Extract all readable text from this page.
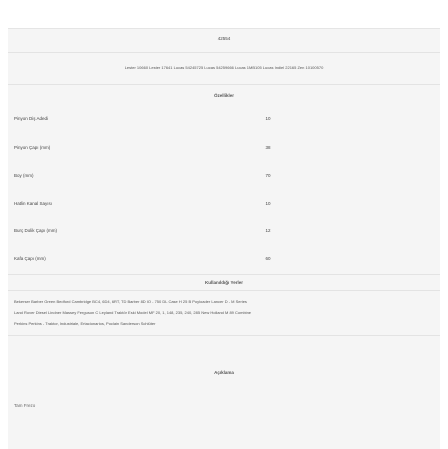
42554
Lester 10660 Lester 17641 Lucas 54245725 Lucas 54259666 Lucas 1MB105 Lucas Indiel 22165 Zen 10100570
Özellikler
Pinyon Diş Adedi	10
Pinyon Çapı (mm)	38
Boy (mm)	70
Hatlin Kanal Sayısı	10
Burç Dolik Çapı (mm)	12
Kafa Çapı (mm)	60
Kullanıldığı Yerler
Bekerser Barber Green Bedford Cambridge BC4, 6D4, 6RT, TD Barber 8D IO - 750 DL Case H 25 B Poyloader Lancer D - M Series
Land Rover Diesel Lindner Massey Ferguson C Leyland Traktör Eski Model MF 20, 1, 148, 235, 240, 285 New Holland M 89 Combine
Perkins Perkins - Traktor, Industriale, Ertacionarios, Poclain Sanderson Schlüter
Açıklama
Tam Frezo
